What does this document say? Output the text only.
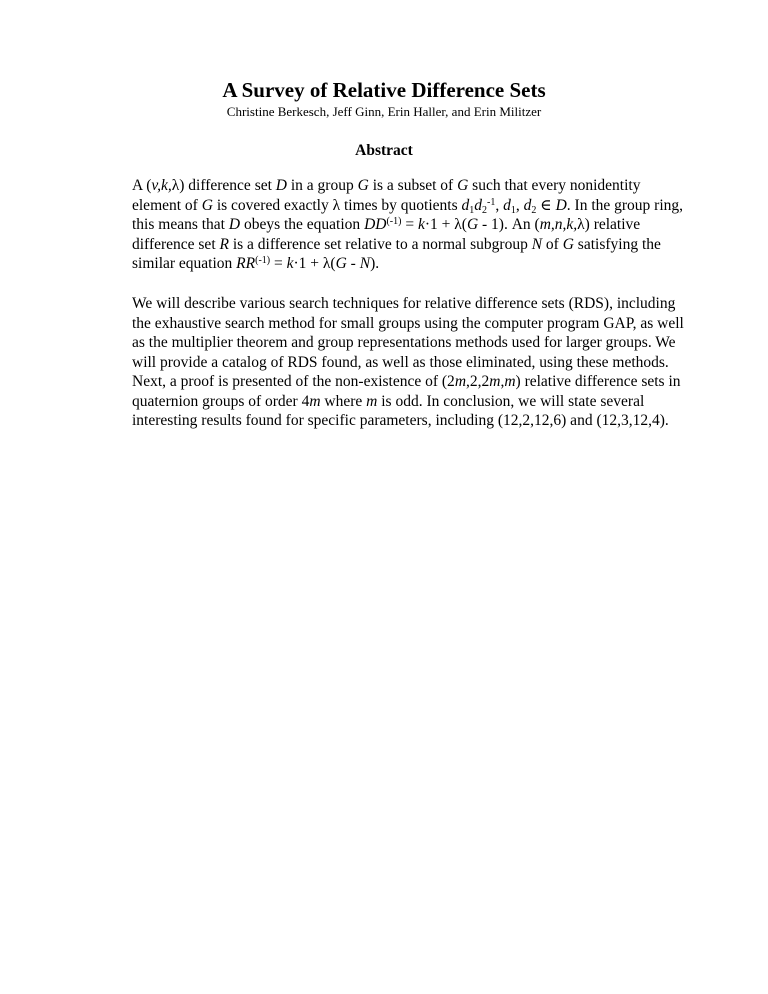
A Survey of Relative Difference Sets
Christine Berkesch, Jeff Ginn, Erin Haller, and Erin Militzer
Abstract
A (v,k,λ) difference set D in a group G is a subset of G such that every nonidentity
element of G is covered exactly λ times by quotients $d_1d_2^{-1}$, $d_1$, $d_2$ ∈ D. In the group ring,
this means that D obeys the equation $DD^{(-1)} = k\cdot 1 + \lambda(G - 1)$. An (m,n,k,λ) relative
difference set R is a difference set relative to a normal subgroup N of G satisfying the
similar equation $RR^{(-1)} = k\cdot 1 + \lambda(G - N)$.
We will describe various search techniques for relative difference sets (RDS), including
the exhaustive search method for small groups using the computer program GAP, as well
as the multiplier theorem and group representations methods used for larger groups. We
will provide a catalog of RDS found, as well as those eliminated, using these methods.
Next, a proof is presented of the non-existence of (2m,2,2m,m) relative difference sets in
quaternion groups of order 4m where m is odd. In conclusion, we will state several
interesting results found for specific parameters, including (12,2,12,6) and (12,3,12,4).
